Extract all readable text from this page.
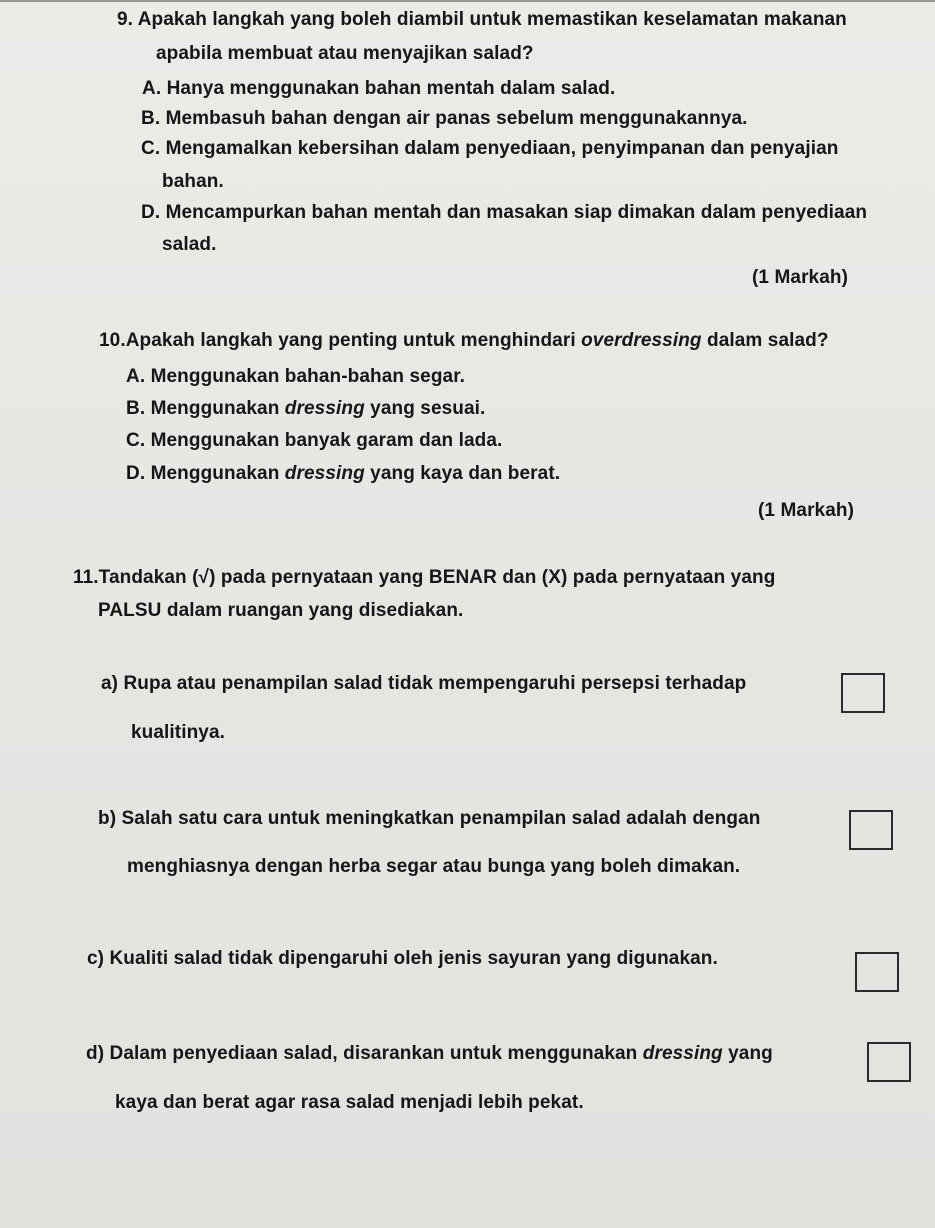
9. Apakah langkah yang boleh diambil untuk memastikan keselamatan makanan
apabila membuat atau menyajikan salad?
A. Hanya menggunakan bahan mentah dalam salad.
B. Membasuh bahan dengan air panas sebelum menggunakannya.
C. Mengamalkan kebersihan dalam penyediaan, penyimpanan dan penyajian
bahan.
D. Mencampurkan bahan mentah dan masakan siap dimakan dalam penyediaan
salad.
(1 Markah)
10.Apakah langkah yang penting untuk menghindari overdressing dalam salad?
A. Menggunakan bahan-bahan segar.
B. Menggunakan dressing yang sesuai.
C. Menggunakan banyak garam dan lada.
D. Menggunakan dressing yang kaya dan berat.
(1 Markah)
11.Tandakan (√) pada pernyataan yang BENAR dan (X) pada pernyataan yang
PALSU dalam ruangan yang disediakan.
a) Rupa atau penampilan salad tidak mempengaruhi persepsi terhadap
kualitinya.
b) Salah satu cara untuk meningkatkan penampilan salad adalah dengan
menghiasnya dengan herba segar atau bunga yang boleh dimakan.
c) Kualiti salad tidak dipengaruhi oleh jenis sayuran yang digunakan.
d) Dalam penyediaan salad, disarankan untuk menggunakan dressing yang
kaya dan berat agar rasa salad menjadi lebih pekat.
